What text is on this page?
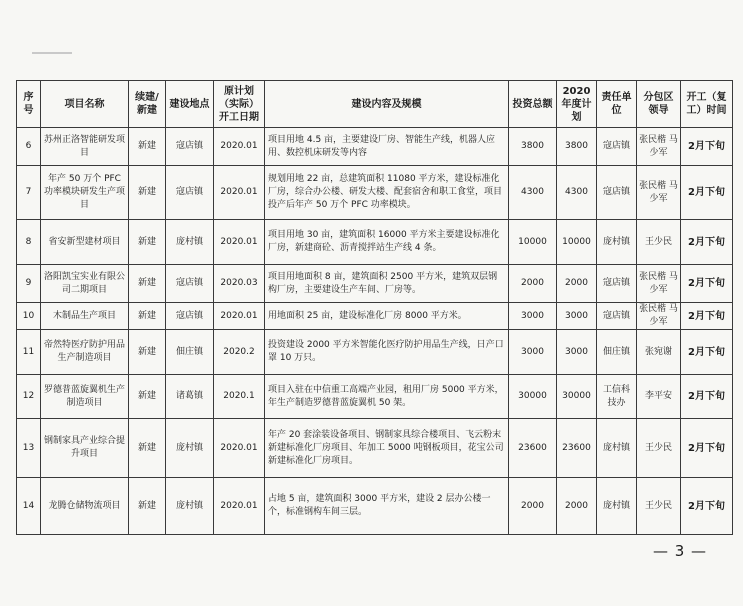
序号	项目名称	续建/新建	建设地点	原计划（实际）开工日期	建设内容及规模	投资总额	2020年度计划	责任单位	分包区领导	开工（复工）时间
6	苏州正洛智能研发项目	新建	寇店镇	2020.01	项目用地 4.5 亩，主要建设厂房、智能生产线，机器人应用、数控机床研发等内容	3800	3800	寇店镇	张民楷 马少军	2月下旬
7	年产 50 万个 PFC 功率模块研发生产项目	新建	寇店镇	2020.01	规划用地 22 亩，总建筑面积 11080 平方米，建设标准化厂房，综合办公楼、研发大楼、配套宿舍和职工食堂，项目投产后年产 50 万个 PFC 功率模块。	4300	4300	寇店镇	张民楷 马少军	2月下旬
8	省安新型建材项目	新建	庞村镇	2020.01	项目用地 30 亩，建筑面积 16000 平方米主要建设标准化厂房，新建商砼、沥青搅拌站生产线 4 条。	10000	10000	庞村镇	王少民	2月下旬
9	洛阳凯宝实业有限公司二期项目	新建	寇店镇	2020.03	项目用地面积 8 亩，建筑面积 2500 平方米，建筑双层钢构厂房，主要建设生产车间、厂房等。	2000	2000	寇店镇	张民楷 马少军	2月下旬
10	木制品生产项目	新建	寇店镇	2020.01	用地面积 25 亩，建设标准化厂房 8000 平方米。	3000	3000	寇店镇	张民楷 马少军	2月下旬
11	帝然特医疗防护用品生产制造项目	新建	佃庄镇	2020.2	投资建设 2000 平方米智能化医疗防护用品生产线，日产口罩 10 万只。	3000	3000	佃庄镇	张宛谢	2月下旬
12	罗德普蓝旋翼机生产制造项目	新建	诸葛镇	2020.1	项目入驻在中信重工高端产业园，租用厂房 5000 平方米，年生产制造罗德普蓝旋翼机 50 架。	30000	30000	工信科技办	李平安	2月下旬
13	钢制家具产业综合提升项目	新建	庞村镇	2020.01	年产 20 套涂装设备项目、钢制家具综合楼项目、飞云粉末新建标准化厂房项目、年加工 5000 吨钢板项目，花宝公司新建标准化厂房项目。	23600	23600	庞村镇	王少民	2月下旬
14	龙腾仓储物流项目	新建	庞村镇	2020.01	占地 5 亩，建筑面积 3000 平方米，建设 2 层办公楼一个，标准钢构车间三层。	2000	2000	庞村镇	王少民	2月下旬
— 3 —
